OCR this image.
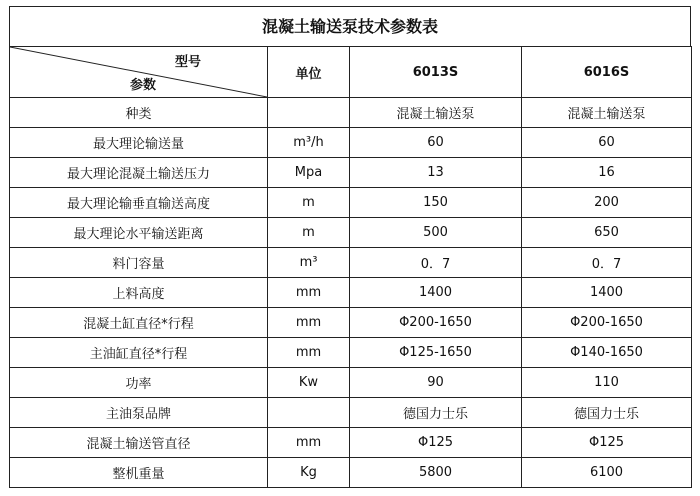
混凝土输送泵技术参数表
型号
参数	单位	6013S	6016S
种类		混凝土输送泵	混凝土输送泵
最大理论输送量	m³/h	60	60
最大理论混凝土输送压力	Mpa	13	16
最大理论输垂直输送高度	m	150	200
最大理论水平输送距离	m	500	650
料门容量	m³	0．7	0．7
上料高度	mm	1400	1400
混凝土缸直径*行程	mm	Φ200-1650	Φ200-1650
主油缸直径*行程	mm	Φ125-1650	Φ140-1650
功率	Kw	90	110
主油泵品牌		德国力士乐	德国力士乐
混凝土输送管直径	mm	Φ125	Φ125
整机重量	Kg	5800	6100
